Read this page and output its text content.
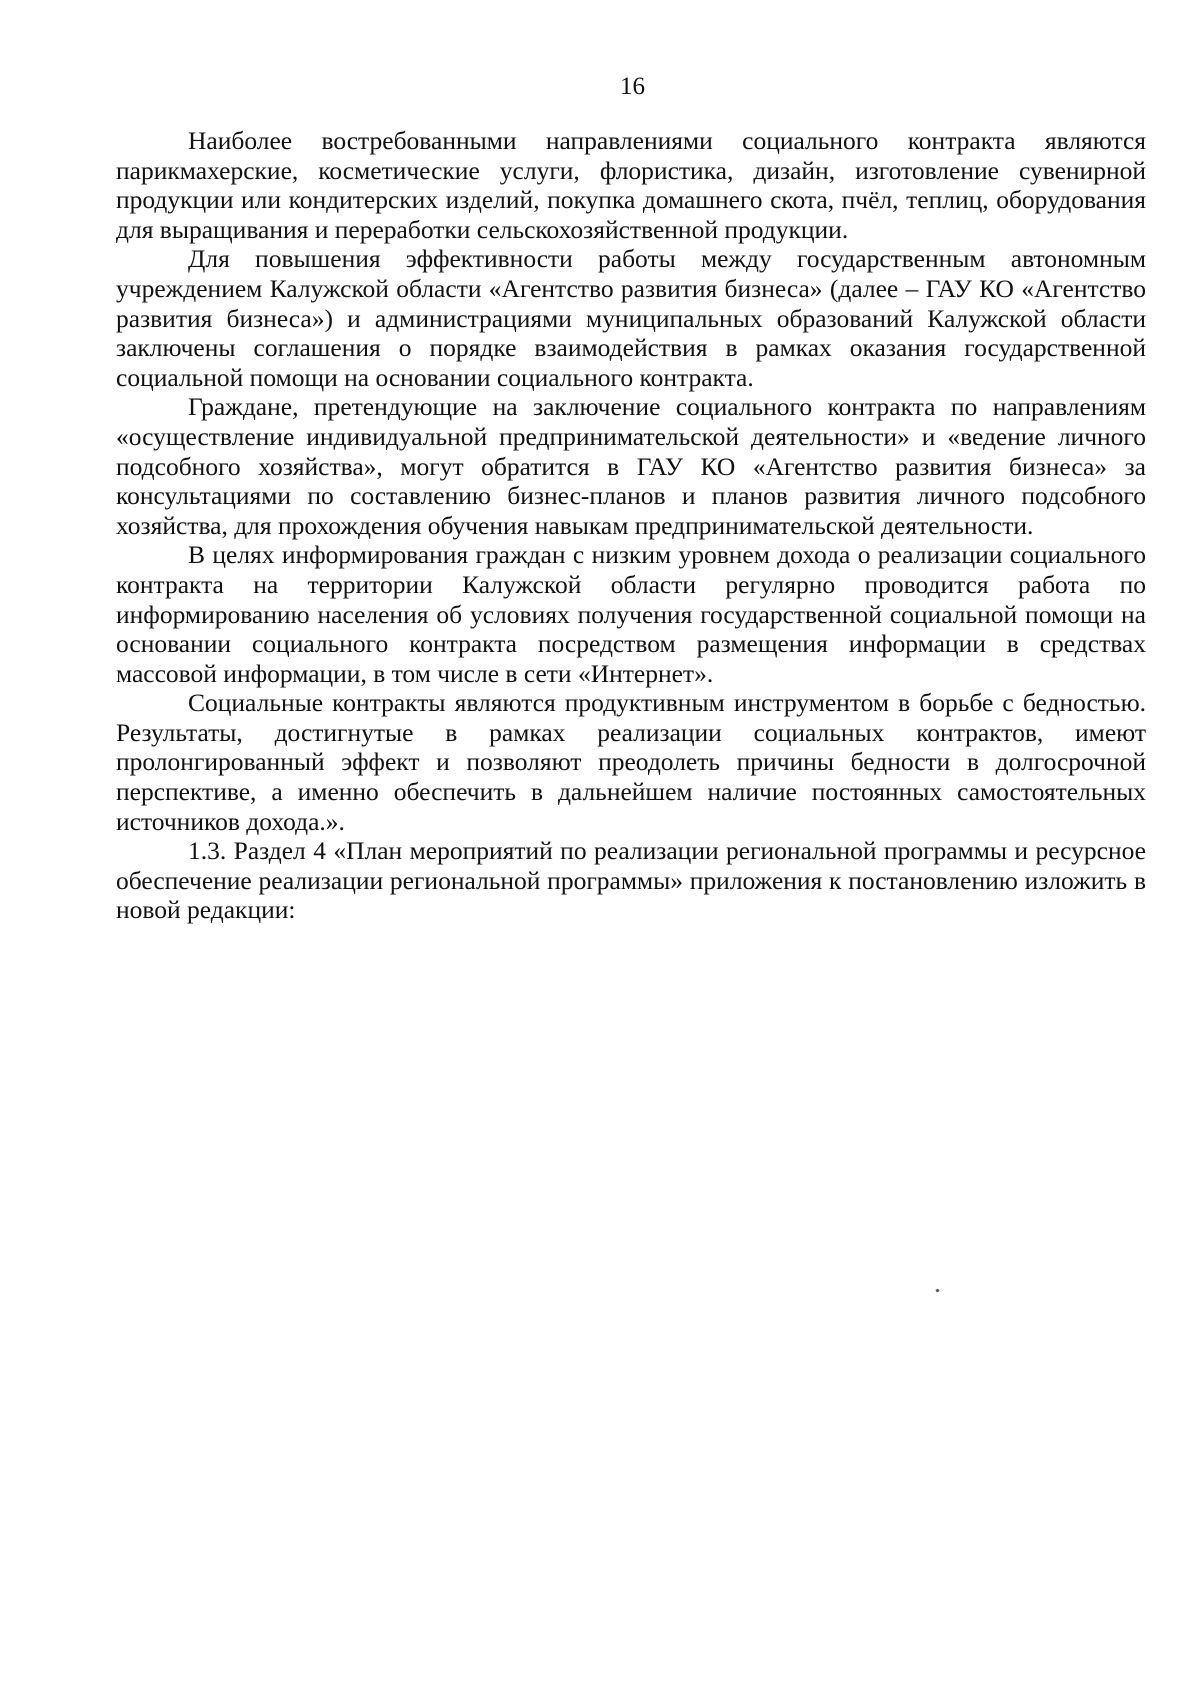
16

Наиболее востребованными направлениями социального контракта являются парикмахерские, косметические услуги, флористика, дизайн, изготовление сувенирной продукции или кондитерских изделий, покупка домашнего скота, пчёл, теплиц, оборудования для выращивания и переработки сельскохозяйственной продукции.

Для повышения эффективности работы между государственным автономным учреждением Калужской области «Агентство развития бизнеса» (далее – ГАУ КО «Агентство развития бизнеса») и администрациями муниципальных образований Калужской области заключены соглашения о порядке взаимодействия в рамках оказания государственной социальной помощи на основании социального контракта.

Граждане, претендующие на заключение социального контракта по направлениям «осуществление индивидуальной предпринимательской деятельности» и «ведение личного подсобного хозяйства», могут обратится в ГАУ КО «Агентство развития бизнеса» за консультациями по составлению бизнес-планов и планов развития личного подсобного хозяйства, для прохождения обучения навыкам предпринимательской деятельности.

В целях информирования граждан с низким уровнем дохода о реализации социального контракта на территории Калужской области регулярно проводится работа по информированию населения об условиях получения государственной социальной помощи на основании социального контракта посредством размещения информации в средствах массовой информации, в том числе в сети «Интернет».

Социальные контракты являются продуктивным инструментом в борьбе с бедностью. Результаты, достигнутые в рамках реализации социальных контрактов, имеют пролонгированный эффект и позволяют преодолеть причины бедности в долгосрочной перспективе, а именно обеспечить в дальнейшем наличие постоянных самостоятельных источников дохода.».

1.3. Раздел 4 «План мероприятий по реализации региональной программы и ресурсное обеспечение реализации региональной программы» приложения к постановлению изложить в новой редакции:
